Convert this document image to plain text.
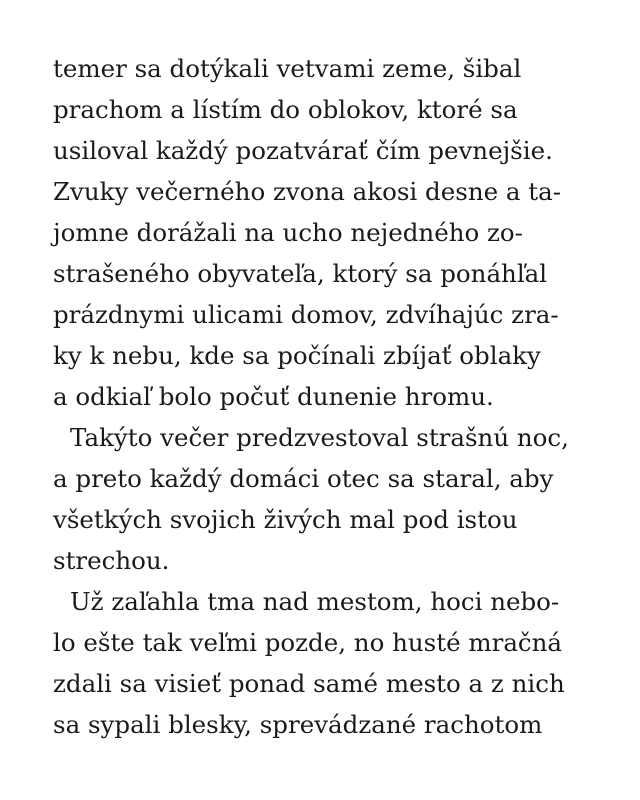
temer sa dotýkali vetvami zeme, šibal
prachom a lístím do oblokov, ktoré sa
usiloval každý pozatvárať čím pevnejšie.
Zvuky večerného zvona akosi desne a ta-
jomne dorážali na ucho nejedného zo-
strašeného obyvateľa, ktorý sa ponáhľal
prázdnymi ulicami domov, zdvíhajúc zra-
ky k nebu, kde sa počínali zbíjať oblaky
a odkiaľ bolo počuť dunenie hromu.
Takýto večer predzvestoval strašnú noc,
a preto každý domáci otec sa staral, aby
všetkých svojich živých mal pod istou
strechou.
Už zaľahla tma nad mestom, hoci nebo-
lo ešte tak veľmi pozde, no husté mračná
zdali sa visieť ponad samé mesto a z nich
sa sypali blesky, sprevádzané rachotom
